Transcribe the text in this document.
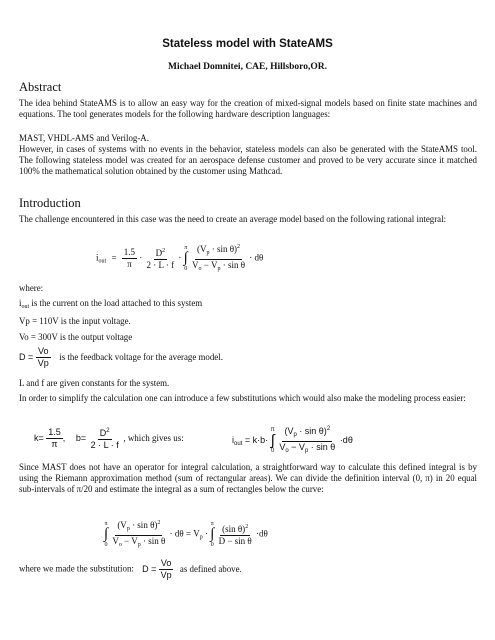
Stateless model with StateAMS
Michael Domnitei, CAE, Hillsboro,OR.
Abstract
The idea behind StateAMS is to allow an easy way for the creation of mixed-signal models based on finite state machines and equations. The tool generates models for the following hardware description languages:
MAST, VHDL-AMS and Verilog-A.
However, in cases of systems with no events in the behavior, stateless models can also be generated with the StateAMS tool. The following stateless model was created for an aerospace defense customer and proved to be very accurate since it matched 100% the mathematical solution obtained by the customer using Mathcad.
Introduction
The challenge encountered in this case was the need to create an average model based on the following rational integral:
$i_{out} = \frac{1.5}{\pi} \cdot \frac{D^2}{2 \cdot L \cdot f}$ ·
π
∫
0
$\frac{(V_p \cdot \sin \theta)^2}{V_o - V_p \cdot \sin \theta} \cdot d\theta$
where:
$i_{out}$ is the current on the load attached to this system
Vp = 110V is the input voltage.
Vo = 300V is the output voltage
$D = \frac{Vo}{Vp}$ is the feedback voltage for the average model.
L and f are given constants for the system.
In order to simplify the calculation one can introduce a few substitutions which would also make the modeling process easier:
$k= \frac{1.5}{\pi}$ , $b= \frac{D^2}{2 \cdot L \cdot f}$ , which gives us:	$i_{out} = k\cdot b\cdot$
π
∫
0
$\frac{(V_p \cdot \sin \theta)^2}{V_o - V_p \cdot \sin \theta} \cdot d\theta$
Since MAST does not have an operator for integral calculation, a straightforward way to calculate this defined integral is by using the Riemann approximation method (sum of rectangular areas). We can divide the definition interval (0, π) in 20 equal sub-intervals of π/20 and estimate the integral as a sum of rectangles below the curve:
π
∫
0
$\frac{(V_p \cdot \sin \theta)^2}{V_o - V_p \cdot \sin \theta} \cdot d\theta = V_p$ ·
π
∫
0
$\frac{(\sin \theta)^2}{\text{D − sin θ}} \cdot d\theta$
where we made the substitution: $D = \frac{Vo}{Vp}$ as defined above.
